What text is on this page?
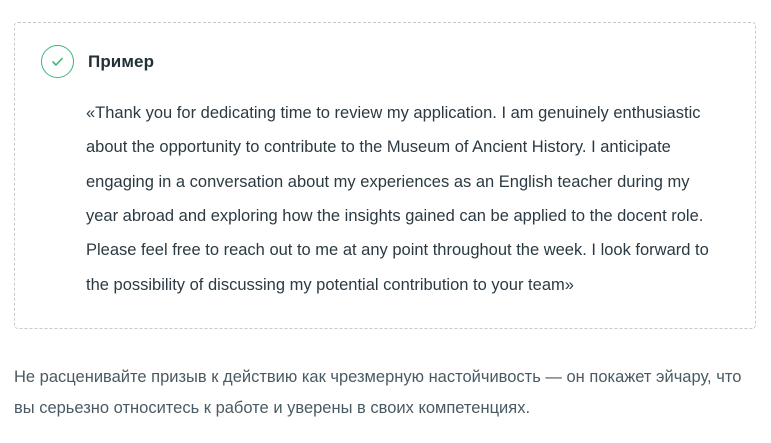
Пример

«Thank you for dedicating time to review my application. I am genuinely enthusiastic about the opportunity to contribute to the Museum of Ancient History. I anticipate engaging in a conversation about my experiences as an English teacher during my year abroad and exploring how the insights gained can be applied to the docent role. Please feel free to reach out to me at any point throughout the week. I look forward to the possibility of discussing my potential contribution to your team»

Не расценивайте призыв к действию как чрезмерную настойчивость — он покажет эйчару, что вы серьезно относитесь к работе и уверены в своих компетенциях.
